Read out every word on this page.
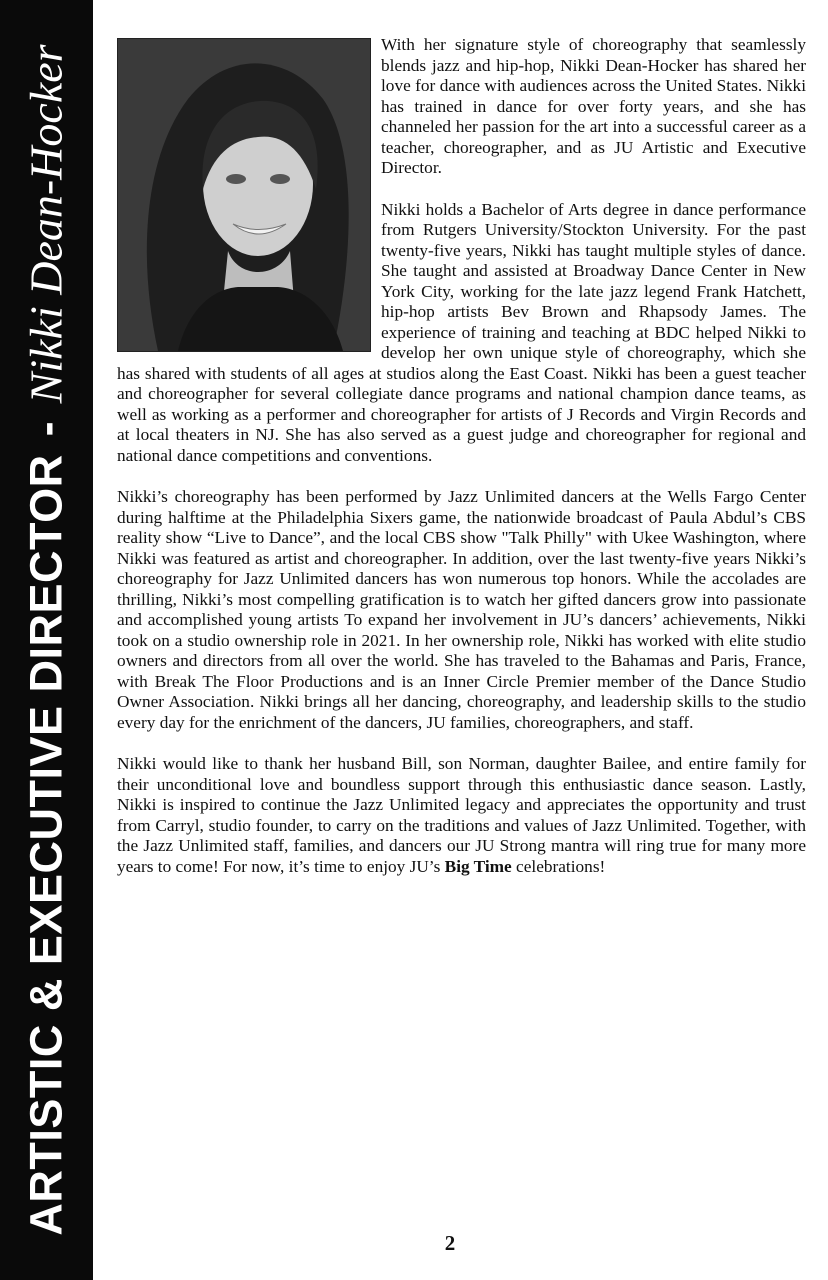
ARTISTIC & EXECUTIVE DIRECTOR-Nikki Dean-Hocker	With her signature style of choreography that seamlessly blends jazz and hip-hop, Nikki Dean-Hocker has shared her love for dance with audiences across the United States. Nikki has trained in dance for over forty years, and she has channeled her passion for the art into a successful career as a teacher, choreographer, and as JU Artistic and Executive Director.

Nikki holds a Bachelor of Arts degree in dance performance from Rutgers University/Stockton University. For the past twenty-five years, Nikki has taught multiple styles of dance. She taught and assisted at Broadway Dance Center in New York City, working for the late jazz legend Frank Hatchett, hip-hop artists Bev Brown and Rhapsody James. The experience of training and teaching at BDC helped Nikki to develop her own unique style of choreography, which she has shared with students of all ages at studios along the East Coast. Nikki has been a guest teacher and choreographer for several collegiate dance programs and national champion dance teams, as well as working as a performer and choreographer for artists of J Records and Virgin Records and at local theaters in NJ. She has also served as a guest judge and choreographer for regional and national dance competitions and conventions.

Nikki’s choreography has been performed by Jazz Unlimited dancers at the Wells Fargo Center during halftime at the Philadelphia Sixers game, the nationwide broadcast of Paula Abdul’s CBS reality show “Live to Dance”, and the local CBS show "Talk Philly" with Ukee Washington, where Nikki was featured as artist and choreographer. In addition, over the last twenty-five years Nikki’s choreography for Jazz Unlimited dancers has won numerous top honors. While the accolades are thrilling, Nikki’s most compelling gratification is to watch her gifted dancers grow into passionate and accomplished young artists To expand her involvement in JU’s dancers’ achievements, Nikki took on a studio ownership role in 2021. In her ownership role, Nikki has worked with elite studio owners and directors from all over the world. She has traveled to the Bahamas and Paris, France, with Break The Floor Productions and is an Inner Circle Premier member of the Dance Studio Owner Association. Nikki brings all her dancing, choreography, and leadership skills to the studio every day for the enrichment of the dancers, JU families, choreographers, and staff.

Nikki would like to thank her husband Bill, son Norman, daughter Bailee, and entire family for their unconditional love and boundless support through this enthusiastic dance season. Lastly, Nikki is inspired to continue the Jazz Unlimited legacy and appreciates the opportunity and trust from Carryl, studio founder, to carry on the traditions and values of Jazz Unlimited. Together, with the Jazz Unlimited staff, families, and dancers our JU Strong mantra will ring true for many more years to come! For now, it’s time to enjoy JU’s Big Time celebrations!

2
